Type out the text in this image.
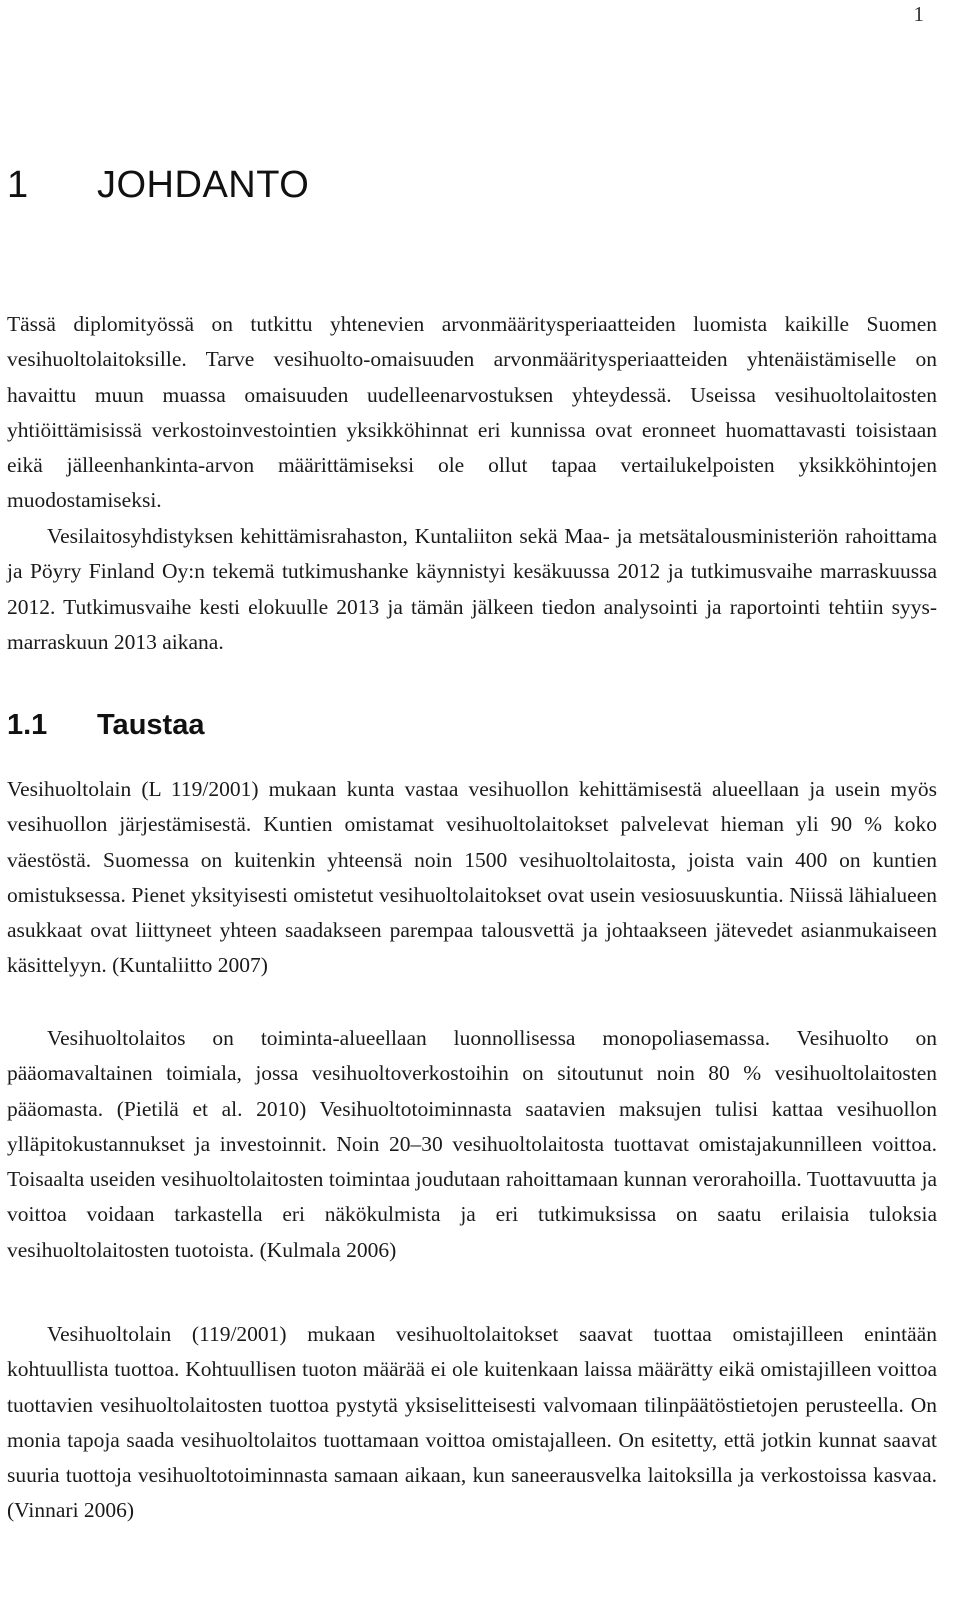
1
1 JOHDANTO

Tässä diplomityössä on tutkittu yhtenevien arvonmääritysperiaatteiden luomista kaikille Suomen vesihuoltolaitoksille. Tarve vesihuolto-omaisuuden arvonmääritysperiaatteiden yhtenäistämiselle on havaittu muun muassa omaisuuden uudelleenarvostuksen yhteydessä. Useissa vesihuoltolaitosten yhtiöittämisissä verkostoinvestointien yksikköhinnat eri kunnissa ovat eronneet huomattavasti toisistaan eikä jälleenhankinta-arvon määrittämiseksi ole ollut tapaa vertailukelpoisten yksikköhintojen muodostamiseksi.

Vesilaitosyhdistyksen kehittämisrahaston, Kuntaliiton sekä Maa- ja metsätalousministeriön rahoittama ja Pöyry Finland Oy:n tekemä tutkimushanke käynnistyi kesäkuussa 2012 ja tutkimusvaihe marraskuussa 2012. Tutkimusvaihe kesti elokuulle 2013 ja tämän jälkeen tiedon analysointi ja raportointi tehtiin syys-marraskuun 2013 aikana.

1.1 Taustaa

Vesihuoltolain (L 119/2001) mukaan kunta vastaa vesihuollon kehittämisestä alueellaan ja usein myös vesihuollon järjestämisestä. Kuntien omistamat vesihuoltolaitokset palvelevat hieman yli 90 % koko väestöstä. Suomessa on kuitenkin yhteensä noin 1500 vesihuoltolaitosta, joista vain 400 on kuntien omistuksessa. Pienet yksityisesti omistetut vesihuoltolaitokset ovat usein vesiosuuskuntia. Niissä lähialueen asukkaat ovat liittyneet yhteen saadakseen parempaa talousvettä ja johtaakseen jätevedet asianmukaiseen käsittelyyn. (Kuntaliitto 2007)

Vesihuoltolaitos on toiminta-alueellaan luonnollisessa monopoliasemassa. Vesihuolto on pääomavaltainen toimiala, jossa vesihuoltoverkostoihin on sitoutunut noin 80 % vesihuoltolaitosten pääomasta. (Pietilä et al. 2010) Vesihuoltotoiminnasta saatavien maksujen tulisi kattaa vesihuollon ylläpitokustannukset ja investoinnit. Noin 20–30 vesihuoltolaitosta tuottavat omistajakunnilleen voittoa. Toisaalta useiden vesihuoltolaitosten toimintaa joudutaan rahoittamaan kunnan verorahoilla. Tuottavuutta ja voittoa voidaan tarkastella eri näkökulmista ja eri tutkimuksissa on saatu erilaisia tuloksia vesihuoltolaitosten tuotoista. (Kulmala 2006)

Vesihuoltolain (119/2001) mukaan vesihuoltolaitokset saavat tuottaa omistajilleen enintään kohtuullista tuottoa. Kohtuullisen tuoton määrää ei ole kuitenkaan laissa määrätty eikä omistajilleen voittoa tuottavien vesihuoltolaitosten tuottoa pystytä yksiselitteisesti valvomaan tilinpäätöstietojen perusteella. On monia tapoja saada vesihuoltolaitos tuottamaan voittoa omistajalleen. On esitetty, että jotkin kunnat saavat suuria tuottoja vesihuoltotoiminnasta samaan aikaan, kun saneerausvelka laitoksilla ja verkostoissa kasvaa. (Vinnari 2006)
